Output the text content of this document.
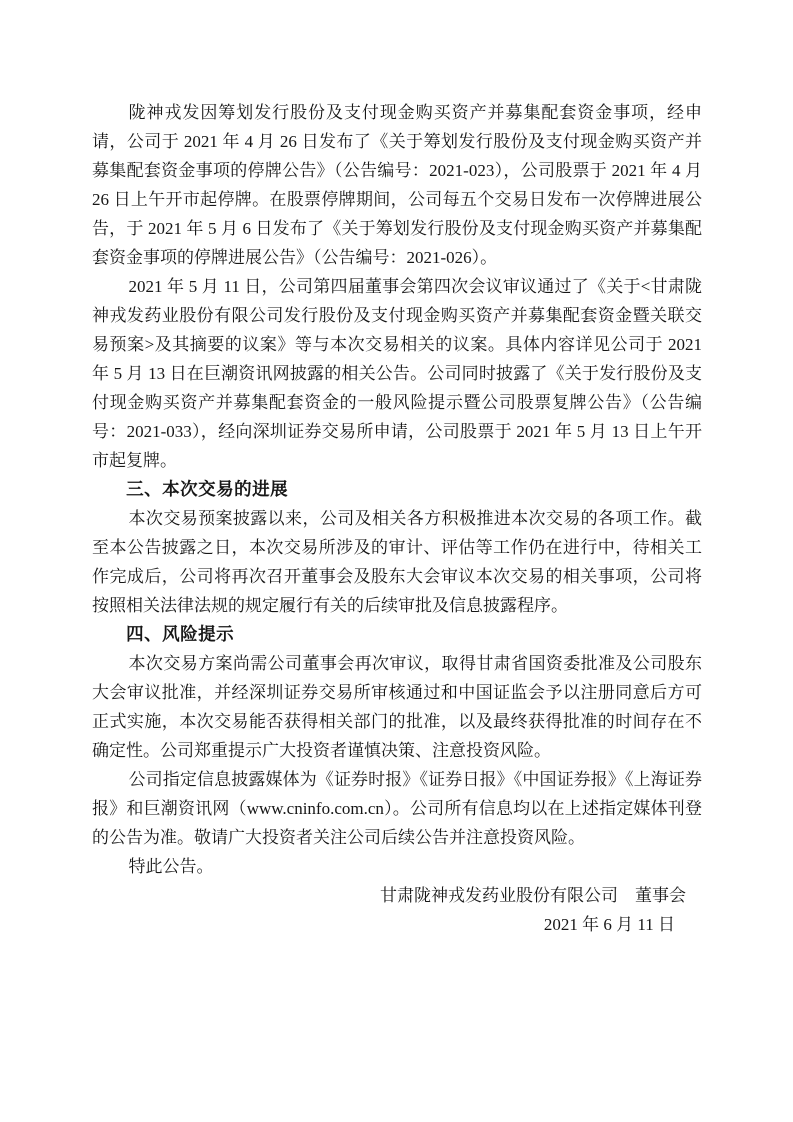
陇神戎发因筹划发行股份及支付现金购买资产并募集配套资金事项，经申请，公司于 2021 年 4 月 26 日发布了《关于筹划发行股份及支付现金购买资产并募集配套资金事项的停牌公告》（公告编号：2021-023），公司股票于 2021 年 4 月 26 日上午开市起停牌。在股票停牌期间，公司每五个交易日发布一次停牌进展公告，于 2021 年 5 月 6 日发布了《关于筹划发行股份及支付现金购买资产并募集配套资金事项的停牌进展公告》（公告编号：2021-026）。

2021 年 5 月 11 日，公司第四届董事会第四次会议审议通过了《关于<甘肃陇神戎发药业股份有限公司发行股份及支付现金购买资产并募集配套资金暨关联交易预案>及其摘要的议案》等与本次交易相关的议案。具体内容详见公司于 2021 年 5 月 13 日在巨潮资讯网披露的相关公告。公司同时披露了《关于发行股份及支付现金购买资产并募集配套资金的一般风险提示暨公司股票复牌公告》（公告编号：2021-033），经向深圳证券交易所申请，公司股票于 2021 年 5 月 13 日上午开市起复牌。

三、本次交易的进展

本次交易预案披露以来，公司及相关各方积极推进本次交易的各项工作。截至本公告披露之日，本次交易所涉及的审计、评估等工作仍在进行中，待相关工作完成后，公司将再次召开董事会及股东大会审议本次交易的相关事项，公司将按照相关法律法规的规定履行有关的后续审批及信息披露程序。

四、风险提示

本次交易方案尚需公司董事会再次审议，取得甘肃省国资委批准及公司股东大会审议批准，并经深圳证券交易所审核通过和中国证监会予以注册同意后方可正式实施，本次交易能否获得相关部门的批准，以及最终获得批准的时间存在不确定性。公司郑重提示广大投资者谨慎决策、注意投资风险。

公司指定信息披露媒体为《证券时报》《证券日报》《中国证券报》《上海证券报》和巨潮资讯网（www.cninfo.com.cn）。公司所有信息均以在上述指定媒体刊登的公告为准。敬请广大投资者关注公司后续公告并注意投资风险。

特此公告。

甘肃陇神戎发药业股份有限公司　董事会

2021 年 6 月 11 日
